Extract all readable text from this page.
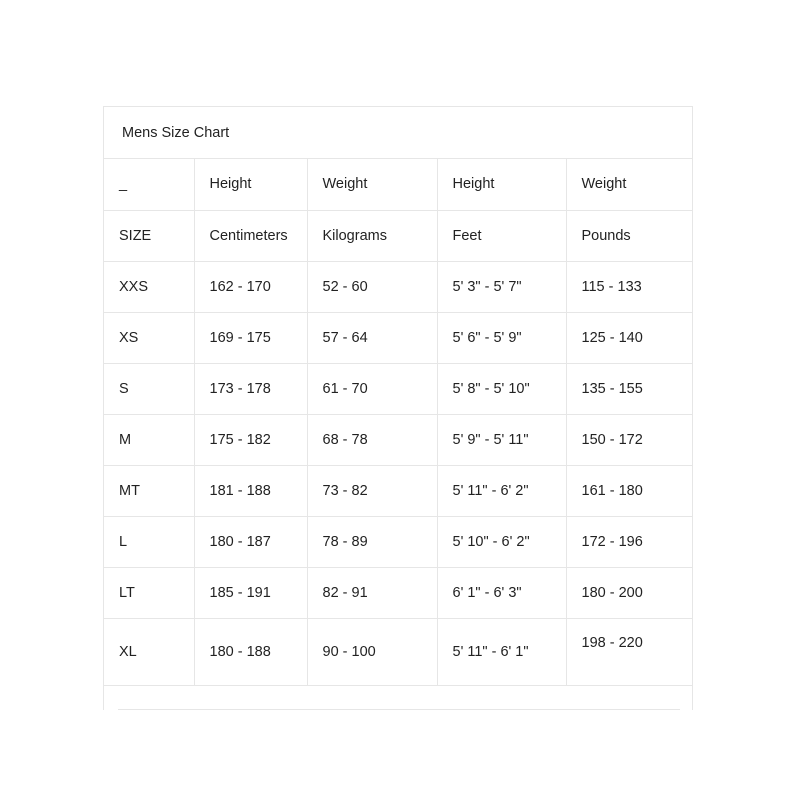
Mens Size Chart
_	Height	Weight	Height	Weight
SIZE	Centimeters	Kilograms	Feet	Pounds
XXS	162 - 170	52 - 60	5' 3" - 5' 7"	115 - 133
XS	169 - 175	57 - 64	5' 6" - 5' 9"	125 - 140
S	173 - 178	61 - 70	5' 8" - 5' 10"	135 - 155
M	175 - 182	68 - 78	5' 9" - 5' 11"	150 - 172
MT	181 - 188	73 - 82	5' 11" - 6' 2"	161 - 180
L	180 - 187	78 - 89	5' 10" - 6' 2"	172 - 196
LT	185 - 191	82 - 91	6' 1" - 6' 3"	180 - 200
XL	180 - 188	90 - 100	5' 11" - 6' 1"	198 - 220
